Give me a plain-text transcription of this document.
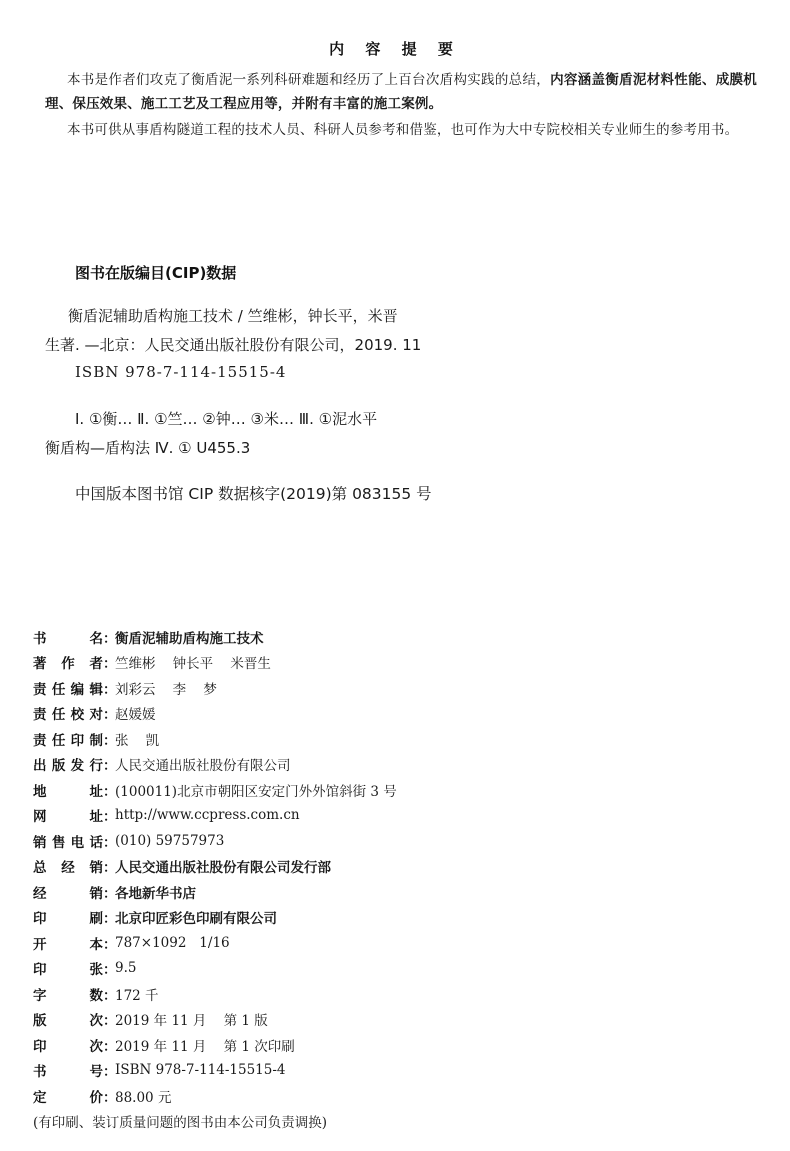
内 容 提 要
本书是作者们攻克了衡盾泥一系列科研难题和经历了上百台次盾构实践的总结，内容涵盖衡盾泥材料性能、成膜机理、保压效果、施工工艺及工程应用等，并附有丰富的施工案例。
本书可供从事盾构隧道工程的技术人员、科研人员参考和借鉴，也可作为大中专院校相关专业师生的参考用书。
图书在版编目(CIP)数据
衡盾泥辅助盾构施工技术 / 竺维彬，钟长平，米晋
生著. —北京：人民交通出版社股份有限公司，2019. 11
ISBN 978-7-114-15515-4
Ⅰ. ①衡… Ⅱ. ①竺… ②钟… ③米… Ⅲ. ①泥水平
衡盾构—盾构法 Ⅳ. ① U455.3
中国版本图书馆 CIP 数据核字(2019)第 083155 号
书	名 ：
衡盾泥辅助盾构施工技术
著 作 者 ：
竺维彬    钟长平    米晋生
责 任 编 辑 ：
刘彩云    李    梦
责 任 校 对 ：
赵媛媛
责 任 印 制 ：
张    凯
出 版 发 行 ：
人民交通出版社股份有限公司
地	址 ：
(100011)北京市朝阳区安定门外外馆斜街 3 号
网	址 ：
http://www.ccpress.com.cn
销 售 电 话 ：
(010) 59757973
总 经 销 ：
人民交通出版社股份有限公司发行部
经	销 ：
各地新华书店
印	刷 ：
北京印匠彩色印刷有限公司
开	本 ：
787×1092   1/16
印	张 ：
9.5
字	数 ：
172 千
版	次 ：
2019 年 11 月    第 1 版
印	次 ：
2019 年 11 月    第 1 次印刷
书	号 ：
ISBN 978-7-114-15515-4
定	价 ：
88.00 元
(有印刷、装订质量问题的图书由本公司负责调换)
